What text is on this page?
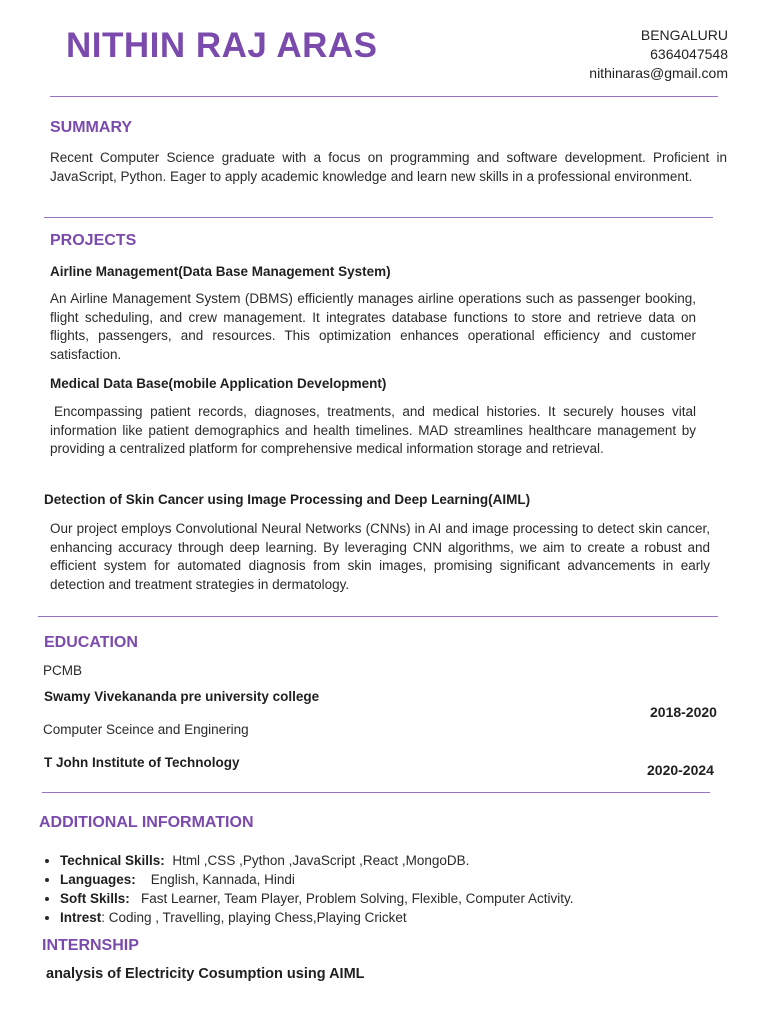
NITHIN RAJ ARAS	BENGALURU
6364047548
nithinaras@gmail.com
SUMMARY
Recent Computer Science graduate with a focus on programming and software development. Proficient in JavaScript, Python. Eager to apply academic knowledge and learn new skills in a professional environment.
PROJECTS
Airline Management(Data Base Management System)
An Airline Management System (DBMS) efficiently manages airline operations such as passenger booking, flight scheduling, and crew management. It integrates database functions to store and retrieve data on flights, passengers, and resources. This optimization enhances operational efficiency and customer satisfaction.
Medical Data Base(mobile Application Development)
Encompassing patient records, diagnoses, treatments, and medical histories. It securely houses vital information like patient demographics and health timelines. MAD streamlines healthcare management by providing a centralized platform for comprehensive medical information storage and retrieval.
Detection of Skin Cancer using Image Processing and Deep Learning(AIML)
Our project employs Convolutional Neural Networks (CNNs) in AI and image processing to detect skin cancer, enhancing accuracy through deep learning. By leveraging CNN algorithms, we aim to create a robust and efficient system for automated diagnosis from skin images, promising significant advancements in early detection and treatment strategies in dermatology.
EDUCATION
PCMB
Swamy Vivekananda pre university college
2018-2020
Computer Sceince and Enginering
T John Institute of Technology	2020-2024
ADDITIONAL INFORMATION
• Technical Skills: Html ,CSS ,Python ,JavaScript ,React ,MongoDB.
• Languages: English, Kannada, Hindi
• Soft Skills: Fast Learner, Team Player, Problem Solving, Flexible, Computer Activity.
• Intrest: Coding , Travelling, playing Chess,Playing Cricket
INTERNSHIP
analysis of Electricity Cosumption using AIML
